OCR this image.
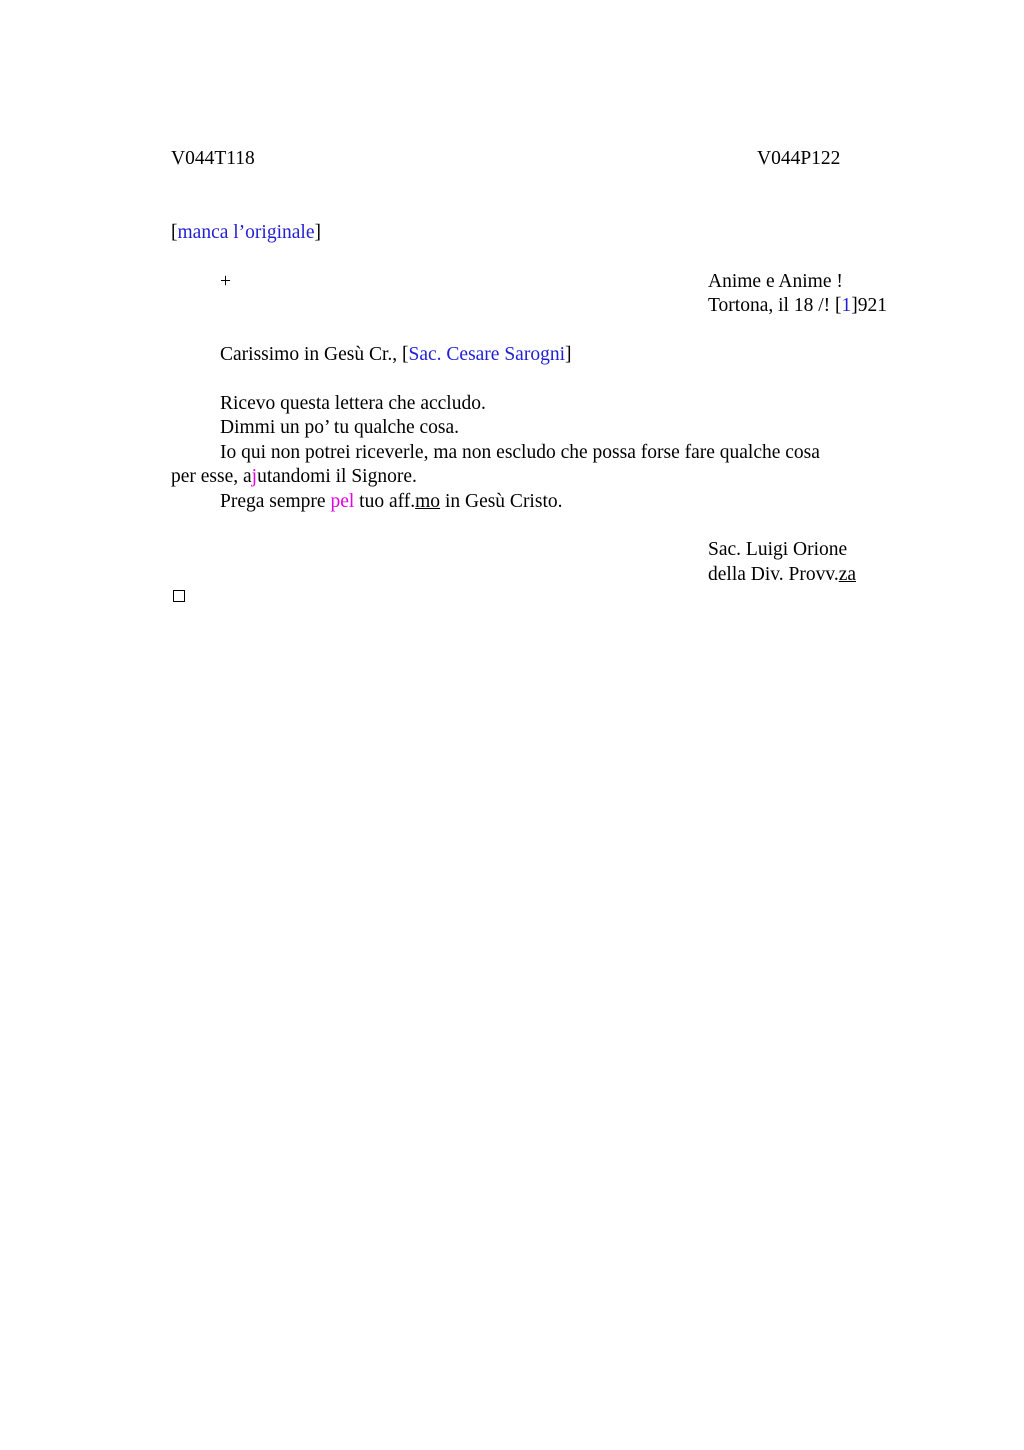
V044T118	V044P122
[manca l’originale]
+	Anime e Anime !
Tortona, il 18 /! [1]921
Carissimo in Gesù Cr., [Sac. Cesare Sarogni]
Ricevo questa lettera che accludo.
Dimmi un po’ tu qualche cosa.
Io qui non potrei riceverle, ma non escludo che possa forse fare qualche cosa
per esse, ajutandomi il Signore.
Prega sempre pel tuo aff.mo in Gesù Cristo.
Sac. Luigi Orione
della Div. Provv.za
